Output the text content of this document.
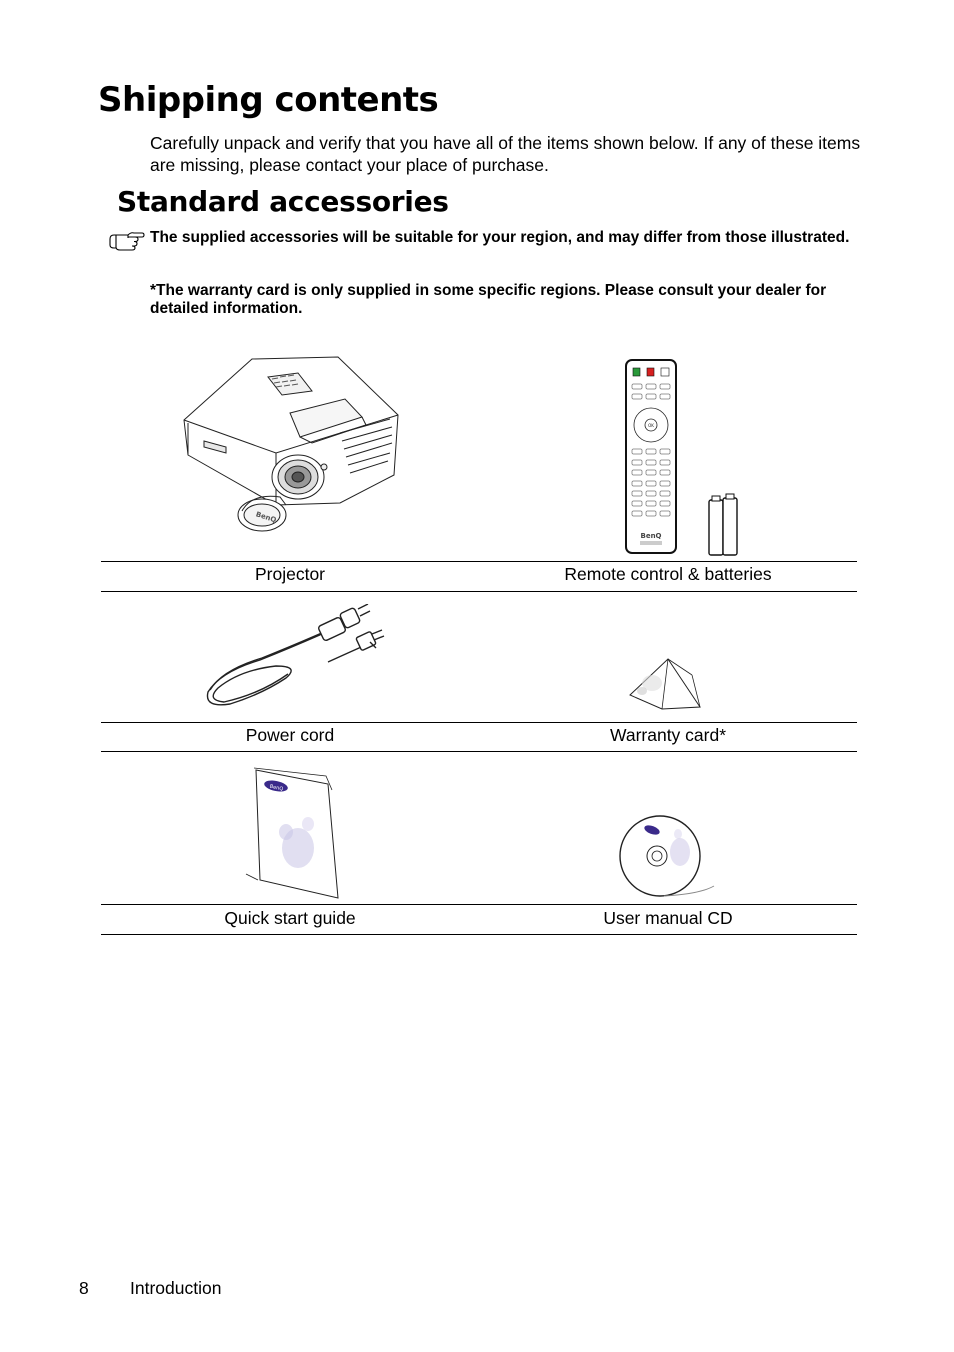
Shipping contents

Carefully unpack and verify that you have all of the items shown below. If any of these items are missing, please contact your place of purchase.

Standard accessories

The supplied accessories will be suitable for your region, and may differ from those illustrated.

*The warranty card is only supplied in some specific regions. Please consult your dealer for detailed information.

BenQ
OK
BenQ
Projector	Remote control & batteries
Power cord	Warranty card*
BenQ
Quick start guide	User manual CD
8 Introduction
